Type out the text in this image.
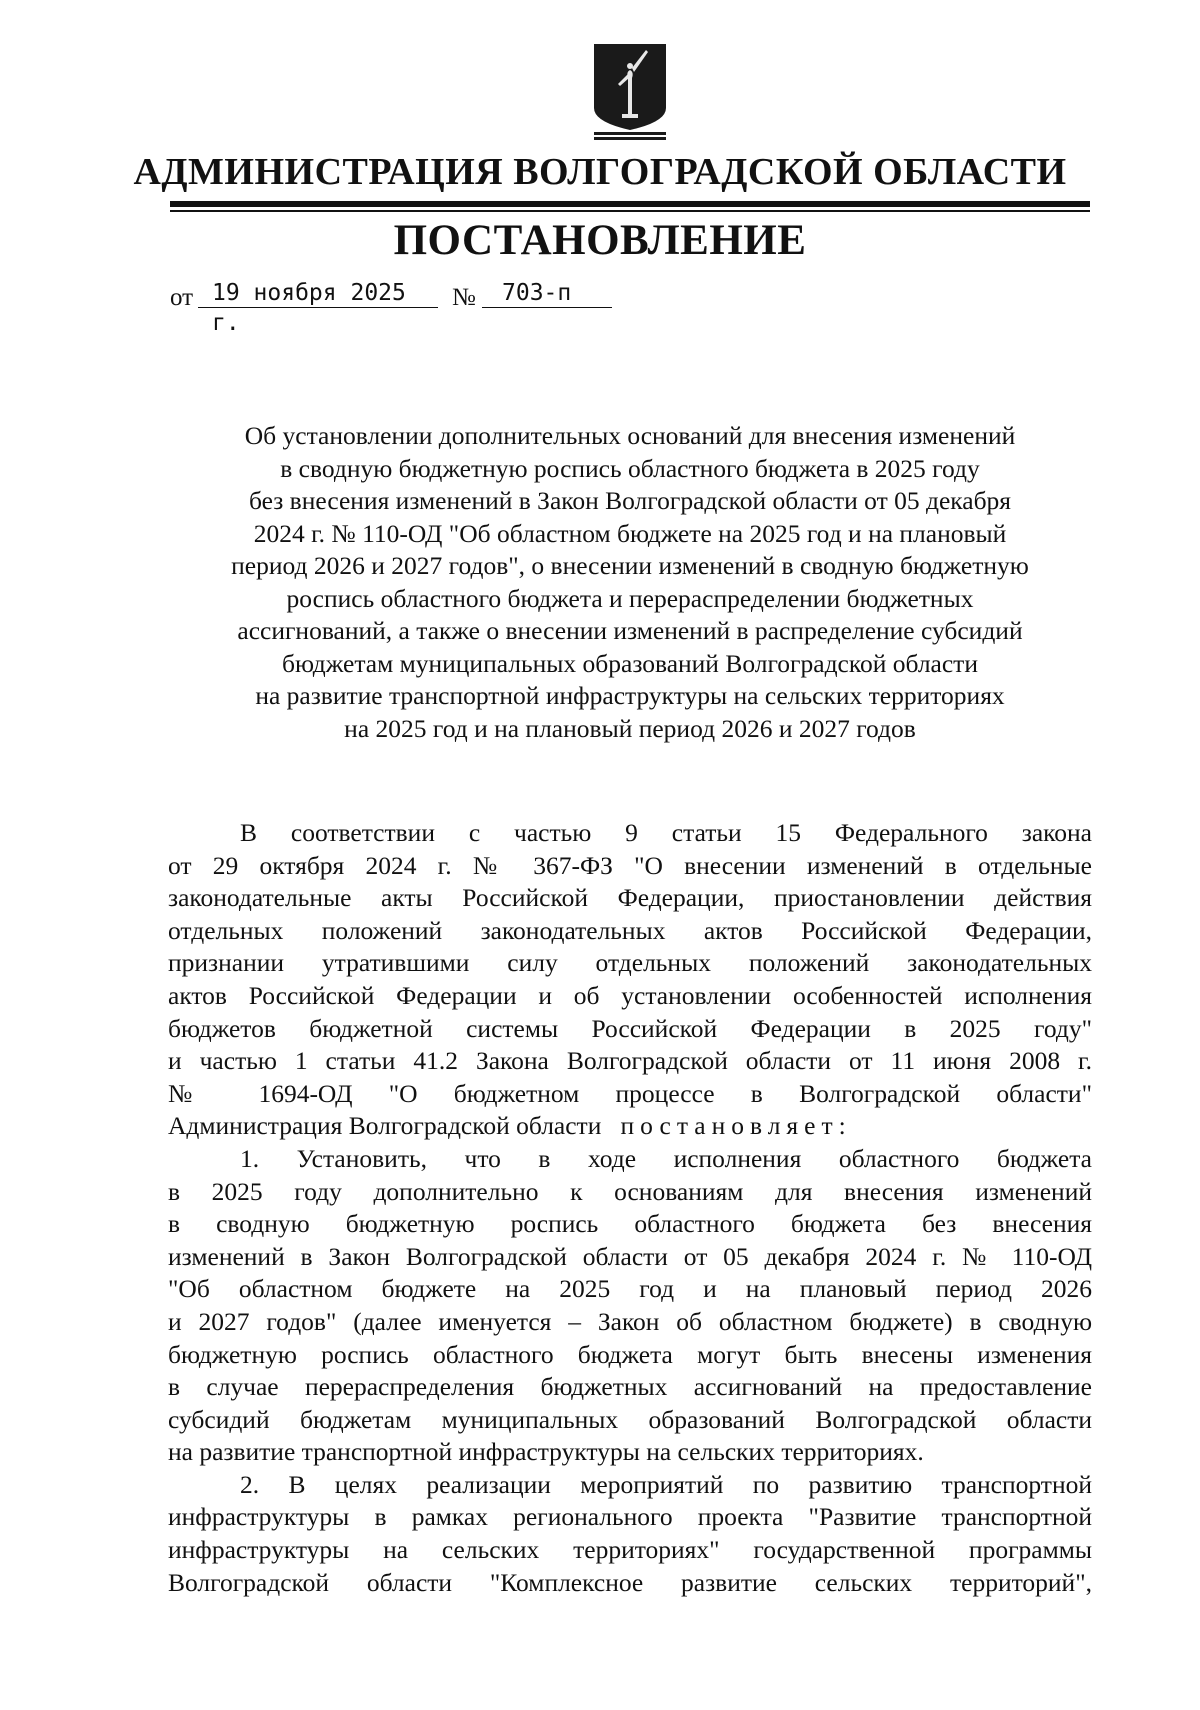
АДМИНИСТРАЦИЯ ВОЛГОГРАДСКОЙ ОБЛАСТИ
ПОСТАНОВЛЕНИЕ
от 19 ноября 2025 г.
№	703-п
Об установлении дополнительных оснований для внесения изменений
в сводную бюджетную роспись областного бюджета в 2025 году
без внесения изменений в Закон Волгоградской области от 05 декабря
2024 г. № 110-ОД "Об областном бюджете на 2025 год и на плановый
период 2026 и 2027 годов", о внесении изменений в сводную бюджетную
роспись областного бюджета и перераспределении бюджетных
ассигнований, а также о внесении изменений в распределение субсидий
бюджетам муниципальных образований Волгоградской области
на развитие транспортной инфраструктуры на сельских территориях
на 2025 год и на плановый период 2026 и 2027 годов
В соответствии с частью 9 статьи 15 Федерального закона
от 29 октября 2024 г. № 367-ФЗ "О внесении изменений в отдельные
законодательные акты Российской Федерации, приостановлении действия
отдельных положений законодательных актов Российской Федерации,
признании утратившими силу отдельных положений законодательных
актов Российской Федерации и об установлении особенностей исполнения
бюджетов бюджетной системы Российской Федерации в 2025 году"
и частью 1 статьи 41.2 Закона Волгоградской области от 11 июня 2008 г.
№ 1694-ОД "О бюджетном процессе в Волгоградской области"
Администрация Волгоградской области постановляет:
1. Установить, что в ходе исполнения областного бюджета
в 2025 году дополнительно к основаниям для внесения изменений
в сводную бюджетную роспись областного бюджета без внесения
изменений в Закон Волгоградской области от 05 декабря 2024 г. № 110-ОД
"Об областном бюджете на 2025 год и на плановый период 2026
и 2027 годов" (далее именуется – Закон об областном бюджете) в сводную
бюджетную роспись областного бюджета могут быть внесены изменения
в случае перераспределения бюджетных ассигнований на предоставление
субсидий бюджетам муниципальных образований Волгоградской области
на развитие транспортной инфраструктуры на сельских территориях.
2. В целях реализации мероприятий по развитию транспортной
инфраструктуры в рамках регионального проекта "Развитие транспортной
инфраструктуры на сельских территориях" государственной программы
Волгоградской области "Комплексное развитие сельских территорий",
